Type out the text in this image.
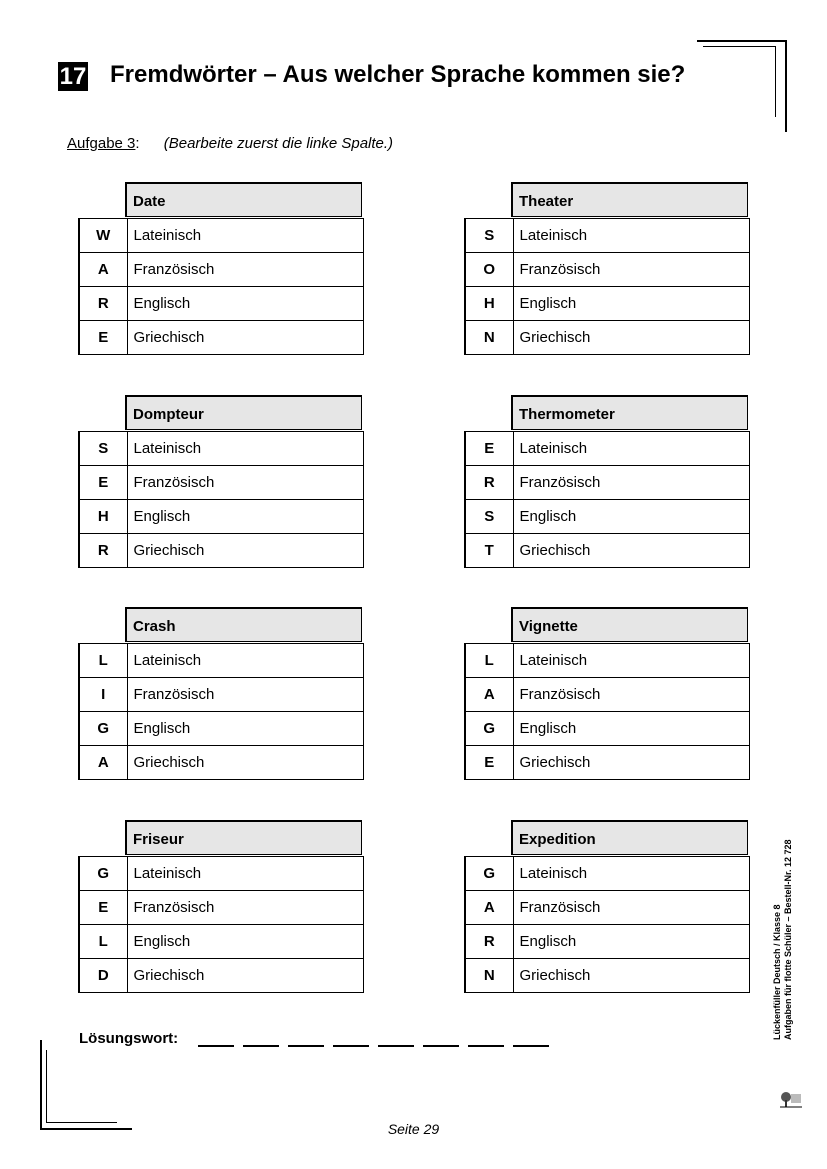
17 Fremdwörter – Aus welcher Sprache kommen sie?
Aufgabe 3: (Bearbeite zuerst die linke Spalte.)
Date
W	Lateinisch
A	Französisch
R	Englisch
E	Griechisch
Theater
S	Lateinisch
O	Französisch
H	Englisch
N	Griechisch
Dompteur
S	Lateinisch
E	Französisch
H	Englisch
R	Griechisch
Thermometer
E	Lateinisch
R	Französisch
S	Englisch
T	Griechisch
Crash
L	Lateinisch
I	Französisch
G	Englisch
A	Griechisch
Vignette
L	Lateinisch
A	Französisch
G	Englisch
E	Griechisch
Friseur
G	Lateinisch
E	Französisch
L	Englisch
D	Griechisch
Expedition
G	Lateinisch
A	Französisch
R	Englisch
N	Griechisch
Lösungswort:	Lückenfüller Deutsch / Klasse 8 Aufgaben für flotte Schüler – Bestell-Nr. 12 728
Seite 29
